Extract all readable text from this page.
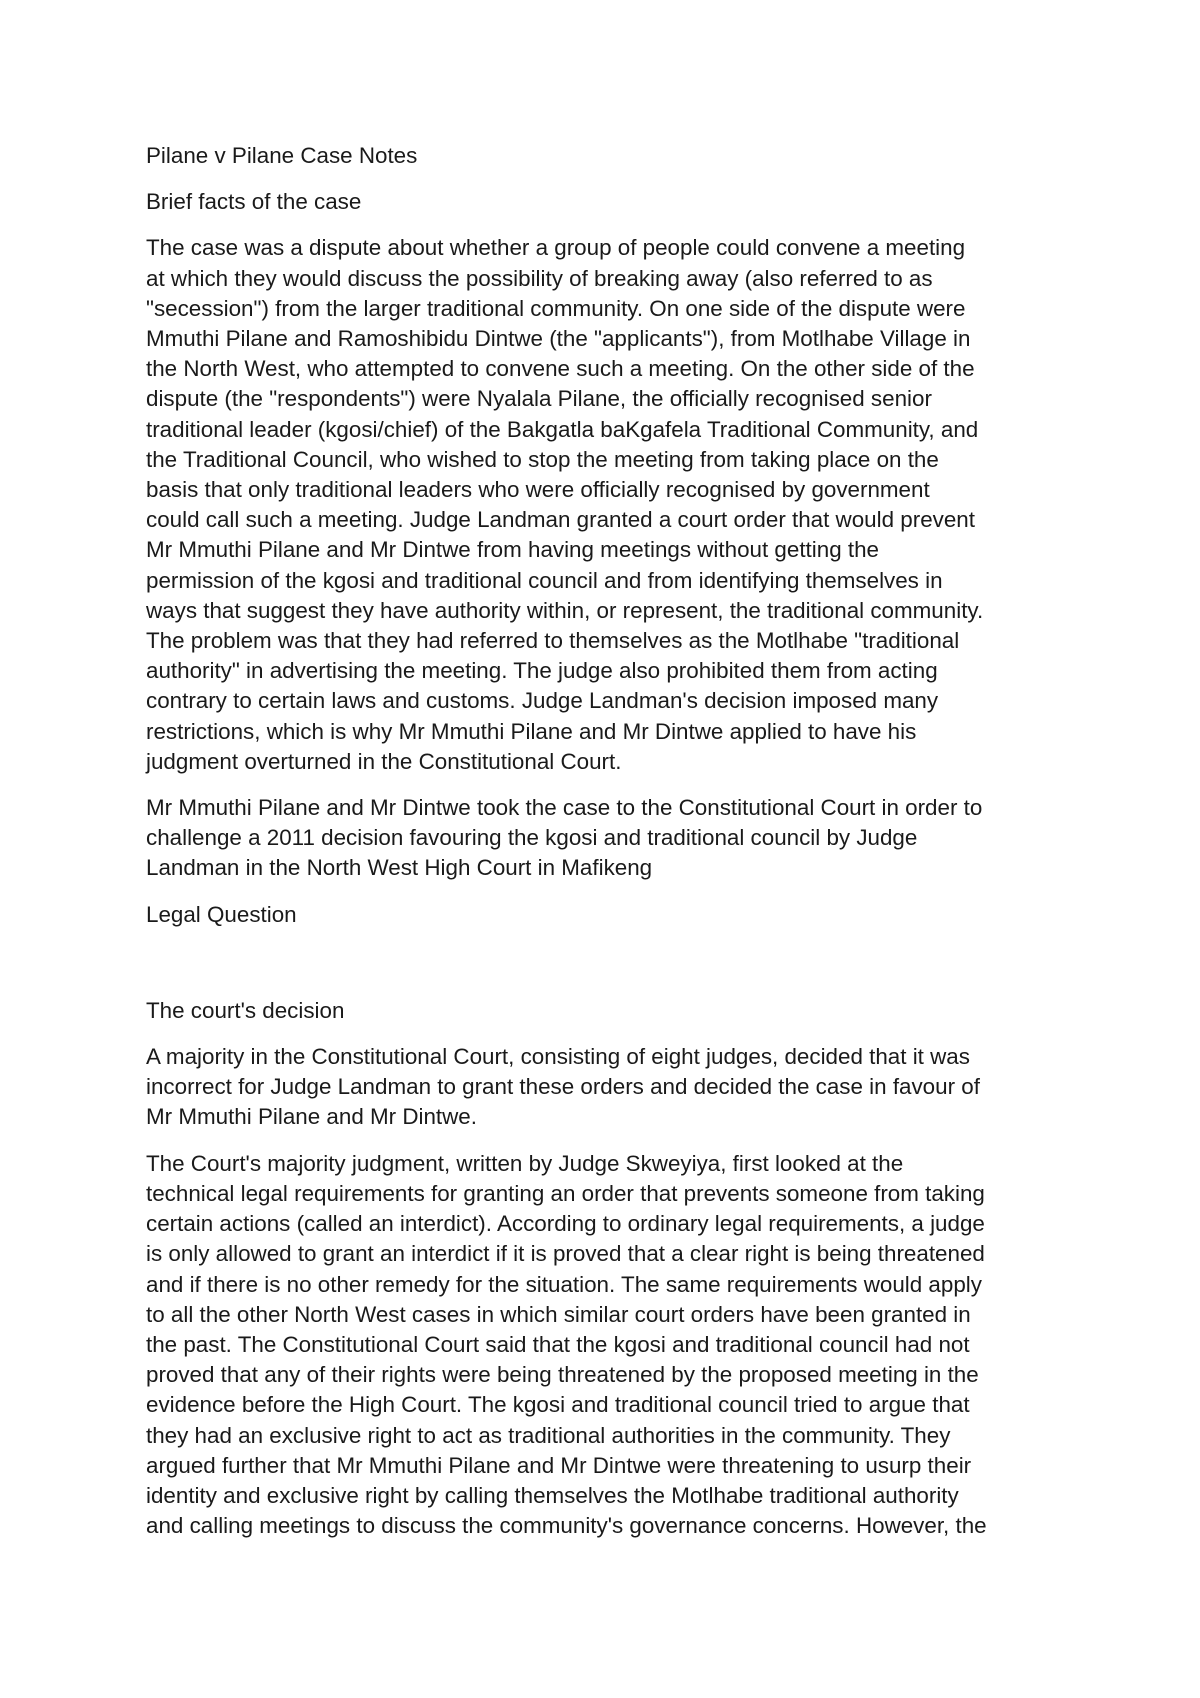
Pilane v Pilane Case Notes

Brief facts of the case

The case was a dispute about whether a group of people could convene a meeting
at which they would discuss the possibility of breaking away (also referred to as
"secession") from the larger traditional community. On one side of the dispute were
Mmuthi Pilane and Ramoshibidu Dintwe (the "applicants"), from Motlhabe Village in
the North West, who attempted to convene such a meeting. On the other side of the
dispute (the "respondents") were Nyalala Pilane, the officially recognised senior
traditional leader (kgosi/chief) of the Bakgatla baKgafela Traditional Community, and
the Traditional Council, who wished to stop the meeting from taking place on the
basis that only traditional leaders who were officially recognised by government
could call such a meeting. Judge Landman granted a court order that would prevent
Mr Mmuthi Pilane and Mr Dintwe from having meetings without getting the
permission of the kgosi and traditional council and from identifying themselves in
ways that suggest they have authority within, or represent, the traditional community.
The problem was that they had referred to themselves as the Motlhabe "traditional
authority" in advertising the meeting. The judge also prohibited them from acting
contrary to certain laws and customs. Judge Landman's decision imposed many
restrictions, which is why Mr Mmuthi Pilane and Mr Dintwe applied to have his
judgment overturned in the Constitutional Court.

Mr Mmuthi Pilane and Mr Dintwe took the case to the Constitutional Court in order to
challenge a 2011 decision favouring the kgosi and traditional council by Judge
Landman in the North West High Court in Mafikeng

Legal Question

The court's decision

A majority in the Constitutional Court, consisting of eight judges, decided that it was
incorrect for Judge Landman to grant these orders and decided the case in favour of
Mr Mmuthi Pilane and Mr Dintwe.

The Court's majority judgment, written by Judge Skweyiya, first looked at the
technical legal requirements for granting an order that prevents someone from taking
certain actions (called an interdict). According to ordinary legal requirements, a judge
is only allowed to grant an interdict if it is proved that a clear right is being threatened
and if there is no other remedy for the situation. The same requirements would apply
to all the other North West cases in which similar court orders have been granted in
the past. The Constitutional Court said that the kgosi and traditional council had not
proved that any of their rights were being threatened by the proposed meeting in the
evidence before the High Court. The kgosi and traditional council tried to argue that
they had an exclusive right to act as traditional authorities in the community. They
argued further that Mr Mmuthi Pilane and Mr Dintwe were threatening to usurp their
identity and exclusive right by calling themselves the Motlhabe traditional authority
and calling meetings to discuss the community's governance concerns. However, the
